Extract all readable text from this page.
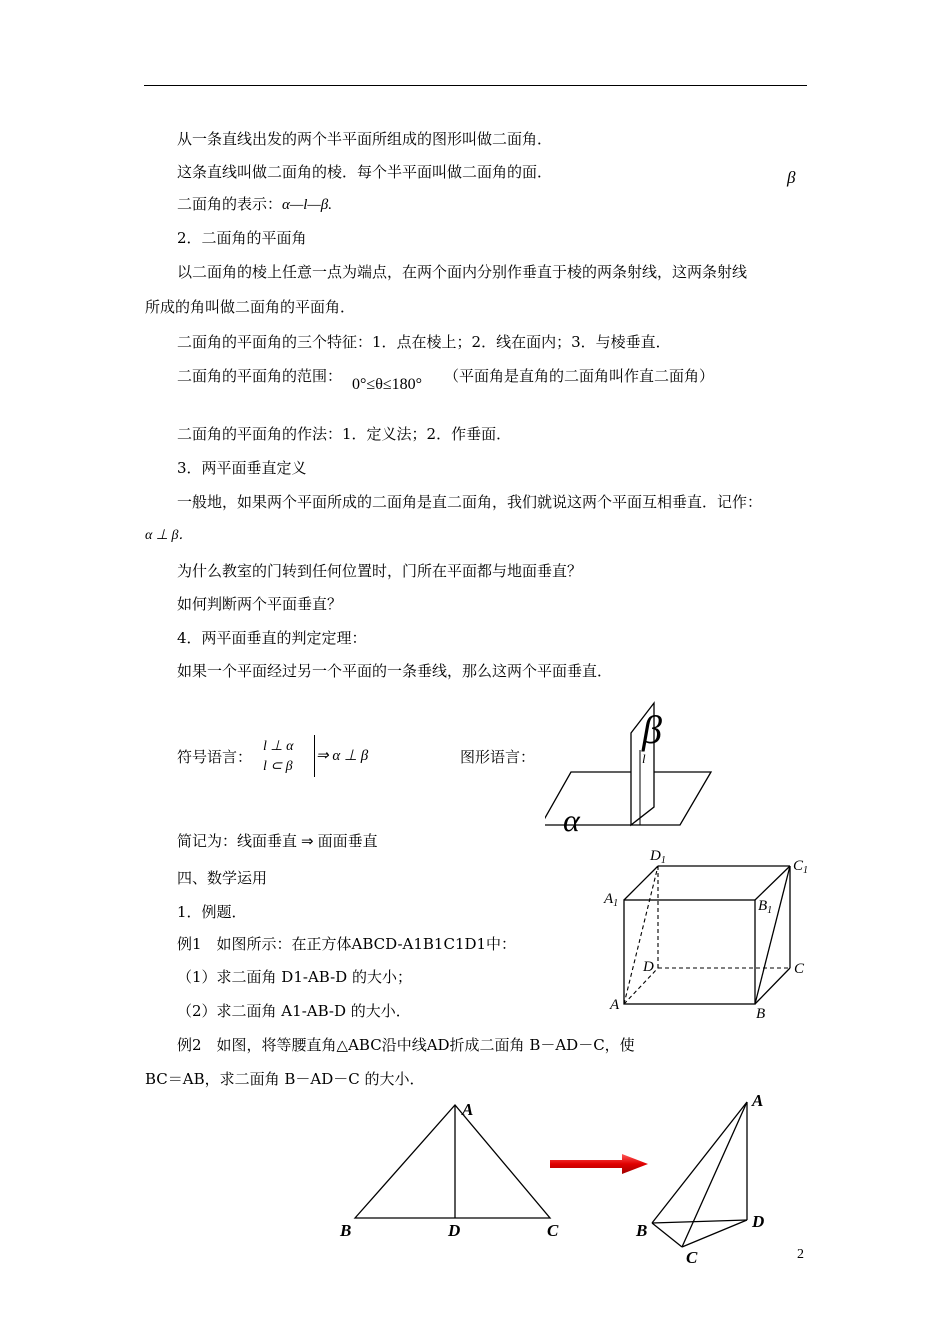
从一条直线出发的两个半平面所组成的图形叫做二面角．
这条直线叫做二面角的棱．每个半平面叫做二面角的面．	β
二面角的表示：α—l—β.
2．二面角的平面角
以二面角的棱上任意一点为端点，在两个面内分别作垂直于棱的两条射线，这两条射线
所成的角叫做二面角的平面角．
二面角的平面角的三个特征：1．点在棱上；2．线在面内；3．与棱垂直．
二面角的平面角的范围： 0°≤θ≤180° （平面角是直角的二面角叫作直二面角）
二面角的平面角的作法：1．定义法；2．作垂面．
3．两平面垂直定义
一般地，如果两个平面所成的二面角是直二面角，我们就说这两个平面互相垂直．记作：
α ⊥ β．
为什么教室的门转到任何位置时，门所在平面都与地面垂直？
如何判断两个平面垂直？
4．两平面垂直的判定定理：
如果一个平面经过另一个平面的一条垂线，那么这两个平面垂直．
符号语言：
l ⊥ α
l ⊂ β
⇒ α ⊥ β	图形语言：
β
l
α
简记为：线面垂直 ⇒ 面面垂直
四、数学运用
1．例题．
例1　如图所示：在正方体ABCD-A1B1C1D1中：
（1）求二面角 D1-AB-D 的大小；
（2）求二面角 A1-AB-D 的大小．
例2　如图，将等腰直角△ABC沿中线AD折成二面角 B－AD－C，使
BC＝AB，求二面角 B－AD－C 的大小．
$D_1$	$C_1$
$A_1$	$B_1$
D	C
A
B
A
B	D	C
A
B	D
C	2
